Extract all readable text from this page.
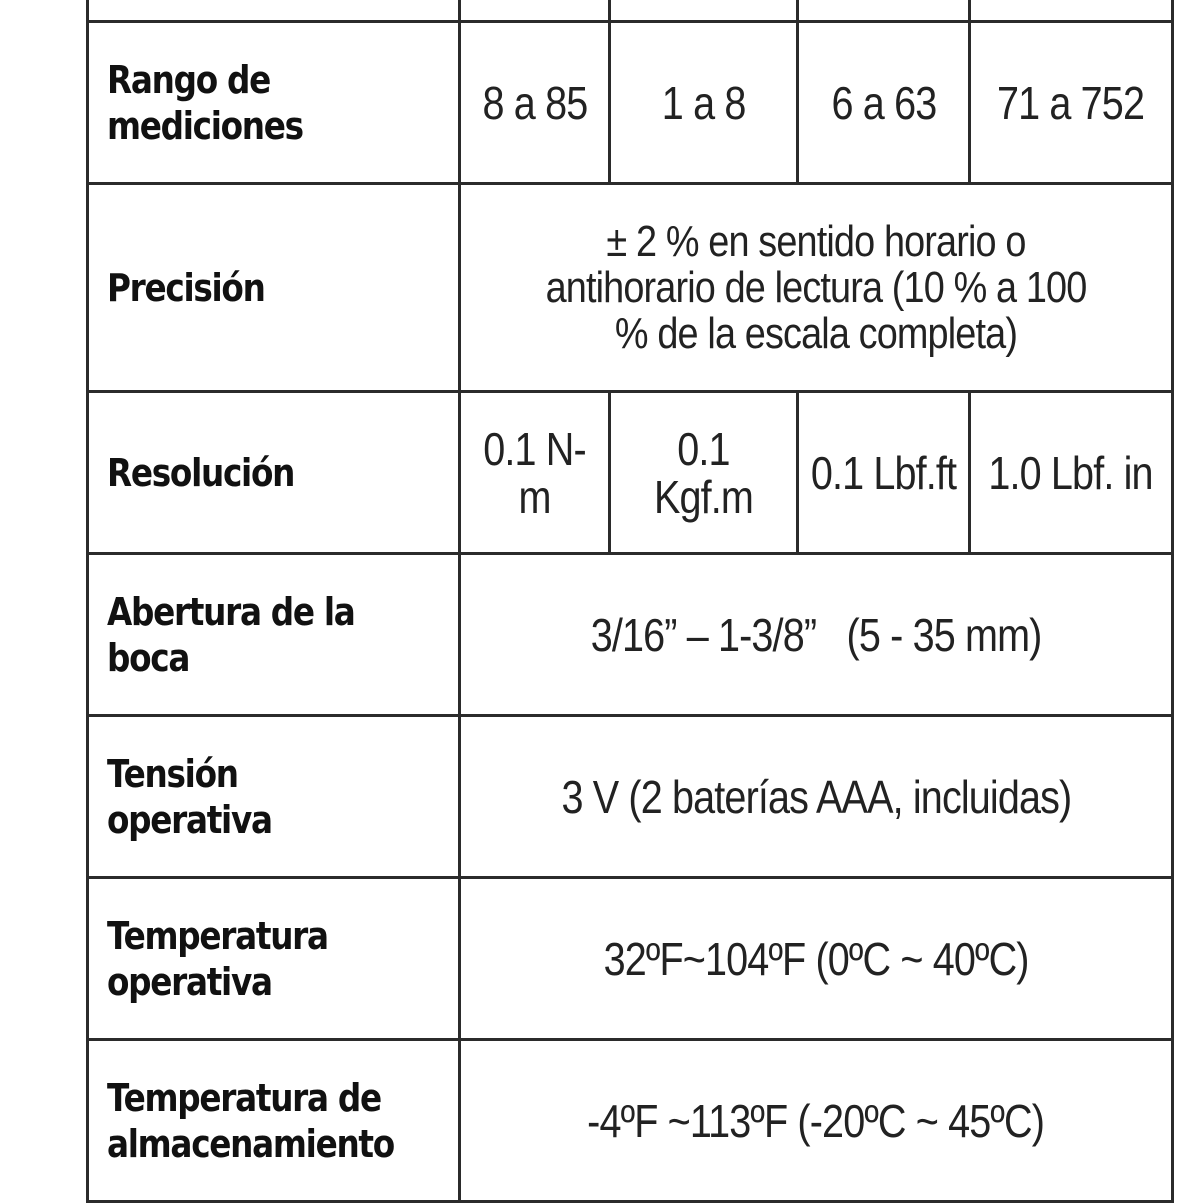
Rango de mediciones	8 a 85	1 a 8	6 a 63	71 a 752
Precisión	± 2 % en sentido horario o antihorario de lectura (10 % a 100 % de la escala completa)			
Resolución	0.1 N-m	0.1 Kgf.m	0.1 Lbf.ft	1.0 Lbf. in
Abertura de la boca	3/16” – 1-3/8”   (5 - 35 mm)			
Tensión operativa	3 V (2 baterías AAA, incluidas)			
Temperatura operativa	32ºF~104ºF (0ºC ~ 40ºC)			
Temperatura de almacenamiento	-4ºF ~113ºF (-20ºC ~ 45ºC)			
